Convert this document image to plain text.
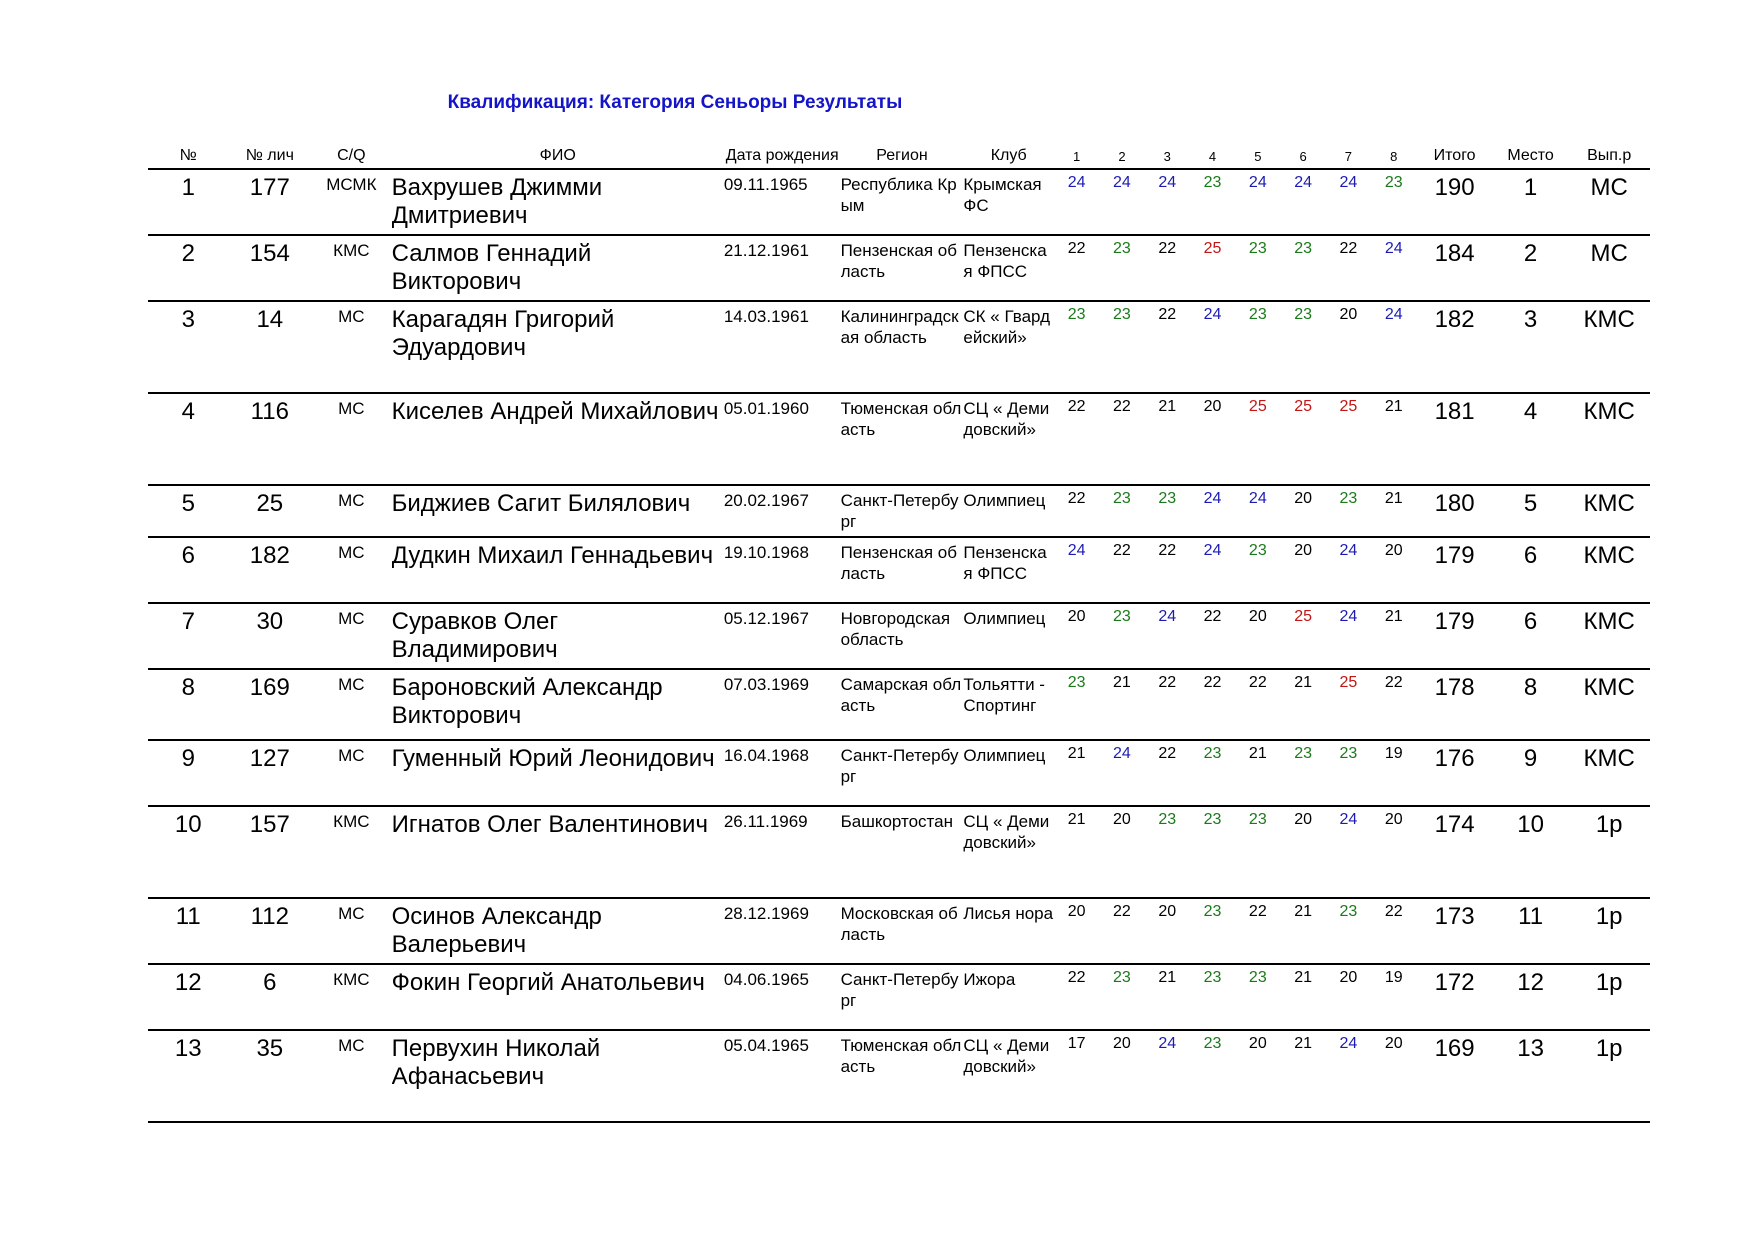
Квалификация: Категория Сеньоры Результаты
№	№ лич	C/Q	ФИО	Дата рождения	Регион	Клуб	1	2	3	4	5	6	7	8	Итого	Место	Вып.р
1	177	МСМК	Вахрушев Джимми Дмитриевич	09.11.1965	Республика Крым	Крымская ФС	24	24	24	23	24	24	24	23	190	1	МС
2	154	КМС	Салмов Геннадий Викторович	21.12.1961	Пензенская область	Пензенская ФПСС	22	23	22	25	23	23	22	24	184	2	МС
3	14	МС	Карагадян Григорий Эдуардович	14.03.1961	Калининградская область	СК « Гвардейский»	23	23	22	24	23	23	20	24	182	3	КМС
4	116	МС	Киселев Андрей Михайлович	05.01.1960	Тюменская область	СЦ « Демидовский»	22	22	21	20	25	25	25	21	181	4	КМС
5	25	МС	Биджиев Сагит Билялович	20.02.1967	Санкт-Петербург	Олимпиец	22	23	23	24	24	20	23	21	180	5	КМС
6	182	МС	Дудкин Михаил Геннадьевич	19.10.1968	Пензенская область	Пензенская ФПСС	24	22	22	24	23	20	24	20	179	6	КМС
7	30	МС	Суравков Олег Владимирович	05.12.1967	Новгородская область	Олимпиец	20	23	24	22	20	25	24	21	179	6	КМС
8	169	МС	Бароновский Александр Викторович	07.03.1969	Самарская область	Тольятти - Спортинг	23	21	22	22	22	21	25	22	178	8	КМС
9	127	МС	Гуменный Юрий Леонидович	16.04.1968	Санкт-Петербург	Олимпиец	21	24	22	23	21	23	23	19	176	9	КМС
10	157	КМС	Игнатов Олег Валентинович	26.11.1969	Башкортостан	СЦ « Демидовский»	21	20	23	23	23	20	24	20	174	10	1р
11	112	МС	Осинов Александр Валерьевич	28.12.1969	Московская область	Лисья нора	20	22	20	23	22	21	23	22	173	11	1р
12	6	КМС	Фокин Георгий Анатольевич	04.06.1965	Санкт-Петербург	Ижора	22	23	21	23	23	21	20	19	172	12	1р
13	35	МС	Первухин Николай Афанасьевич	05.04.1965	Тюменская область	СЦ « Демидовский»	17	20	24	23	20	21	24	20	169	13	1р
